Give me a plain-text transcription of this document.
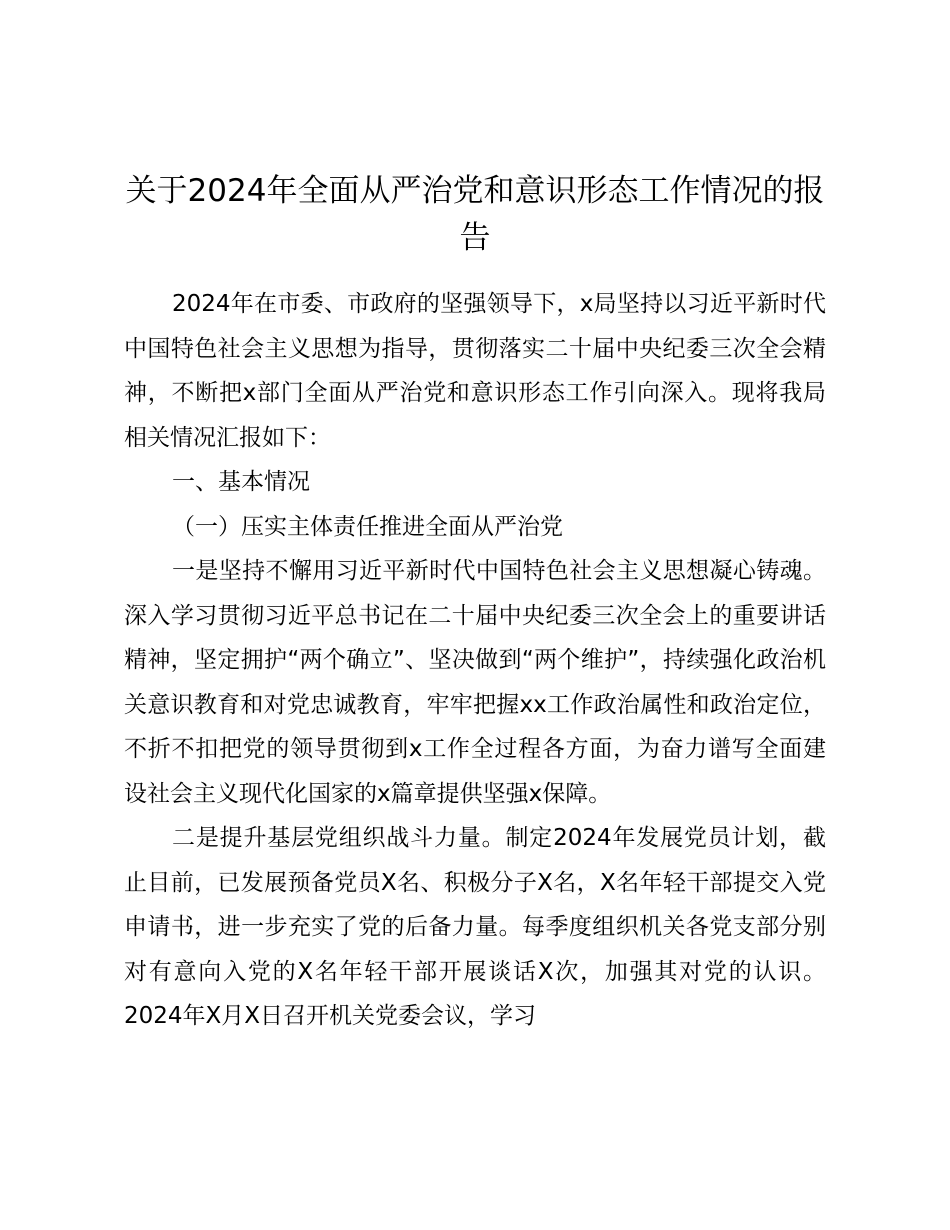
关于2024年全面从严治党和意识形态工作情况的报告

2024年在市委、市政府的坚强领导下，x局坚持以习近平新时代中国特色社会主义思想为指导，贯彻落实二十届中央纪委三次全会精神，不断把x部门全面从严治党和意识形态工作引向深入。现将我局相关情况汇报如下：

一、基本情况

（一）压实主体责任推进全面从严治党

一是坚持不懈用习近平新时代中国特色社会主义思想凝心铸魂。深入学习贯彻习近平总书记在二十届中央纪委三次全会上的重要讲话精神，坚定拥护“两个确立”、坚决做到“两个维护”，持续强化政治机关意识教育和对党忠诚教育，牢牢把握xx工作政治属性和政治定位，不折不扣把党的领导贯彻到x工作全过程各方面，为奋力谱写全面建设社会主义现代化国家的x篇章提供坚强x保障。

二是提升基层党组织战斗力量。制定2024年发展党员计划，截止目前，已发展预备党员X名、积极分子X名，X名年轻干部提交入党申请书，进一步充实了党的后备力量。每季度组织机关各党支部分别对有意向入党的X名年轻干部开展谈话X次，加强其对党的认识。2024年X月X日召开机关党委会议，学习
